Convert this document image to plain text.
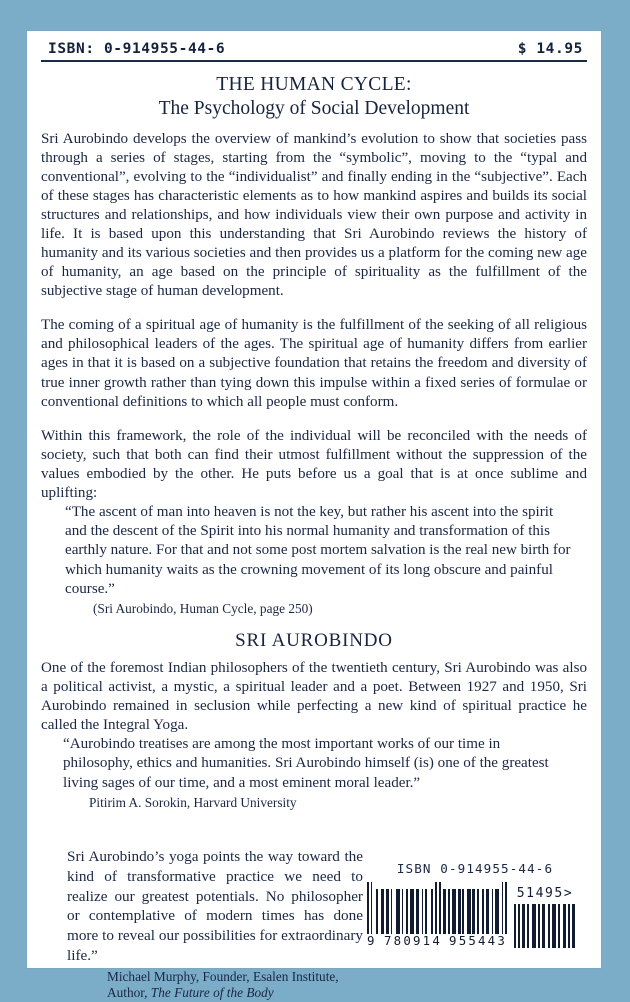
ISBN: 0-914955-44-6	$ 14.95
THE HUMAN CYCLE:
The Psychology of Social Development

Sri Aurobindo develops the overview of mankind’s evolution to show that societies pass through a series of stages, starting from the “symbolic”, moving to the “typal and conventional”, evolving to the “individualist” and finally ending in the “subjective”. Each of these stages has characteristic elements as to how mankind aspires and builds its social structures and relationships, and how individuals view their own purpose and activity in life. It is based upon this understanding that Sri Aurobindo reviews the history of humanity and its various societies and then provides us a platform for the coming new age of humanity, an age based on the principle of spirituality as the fulfillment of the subjective stage of human development.

The coming of a spiritual age of humanity is the fulfillment of the seeking of all religious and philosophical leaders of the ages. The spiritual age of humanity differs from earlier ages in that it is based on a subjective foundation that retains the freedom and diversity of true inner growth rather than tying down this impulse within a fixed series of formulae or conventional definitions to which all people must conform.

Within this framework, the role of the individual will be reconciled with the needs of society, such that both can find their utmost fulfillment without the suppression of the values embodied by the other. He puts before us a goal that is at once sublime and uplifting:

“The ascent of man into heaven is not the key, but rather his ascent into the spirit and the descent of the Spirit into his normal humanity and transformation of this earthly nature. For that and not some post mortem salvation is the real new birth for which humanity waits as the crowning movement of its long obscure and painful course.”
(Sri Aurobindo, Human Cycle, page 250)
SRI AUROBINDO

One of the foremost Indian philosophers of the twentieth century, Sri Aurobindo was also a political activist, a mystic, a spiritual leader and a poet. Between 1927 and 1950, Sri Aurobindo remained in seclusion while perfecting a new kind of spiritual practice he called the Integral Yoga.

“Aurobindo treatises are among the most important works of our time in philosophy, ethics and humanities. Sri Aurobindo himself (is) one of the greatest living sages of our time, and a most eminent moral leader.”
Pitirim A. Sorokin, Harvard University
Sri Aurobindo’s yoga points the way toward the kind of transformative practice we need to realize our greatest potentials. No philosopher or contemplative of modern times has done more to reveal our possibilities for extraordinary life.”
Michael Murphy, Founder, Esalen Institute,
Author, The Future of the Body
ISBN 0-914955-44-6
9 780914 955443
51495>
